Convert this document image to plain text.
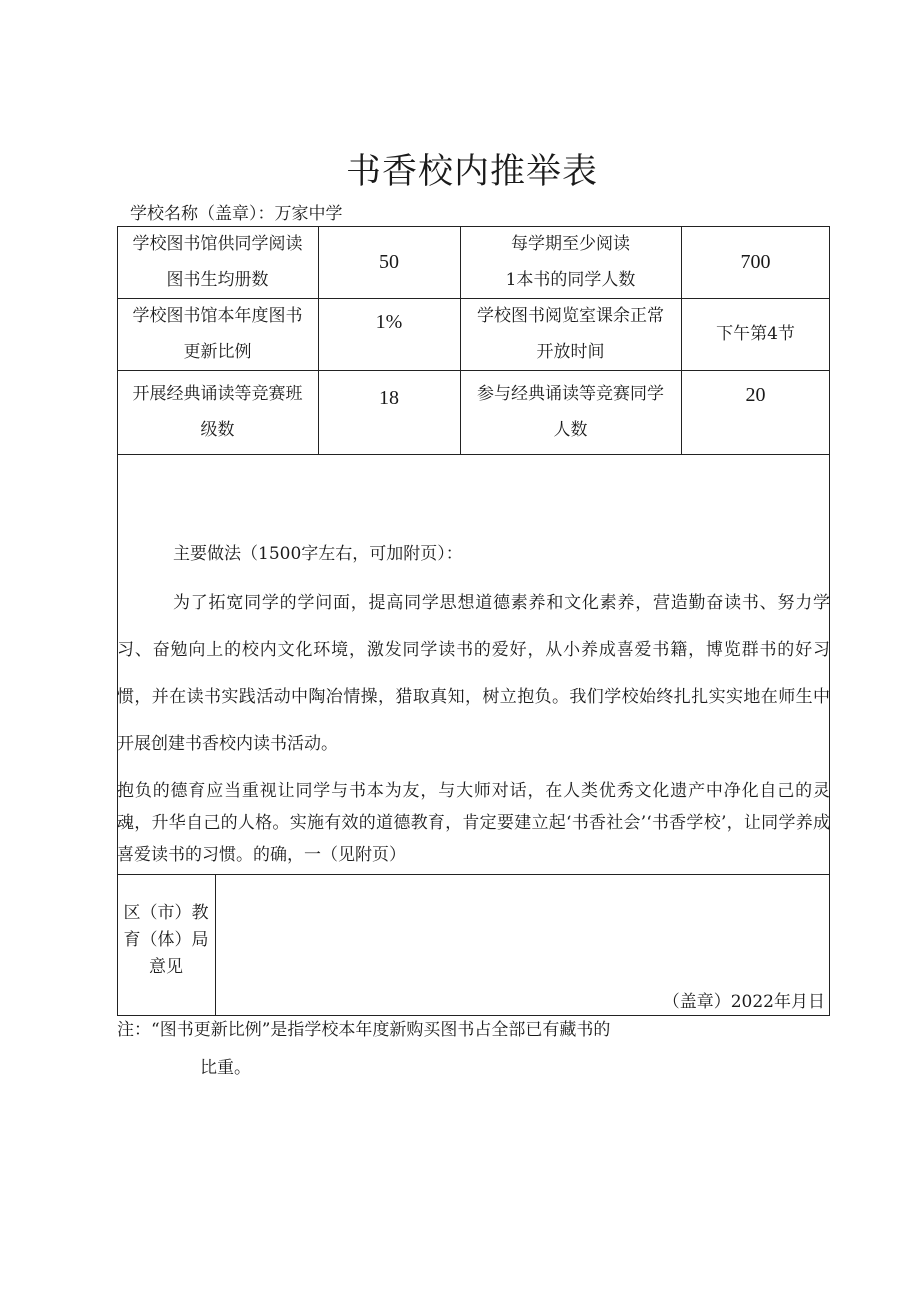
书香校内推举表
学校名称（盖章）：万家中学
学校图书馆供同学阅读
图书生均册数
50
每学期至少阅读
1本书的同学人数
700
学校图书馆本年度图书
更新比例
1%	学校图书阅览室课余正常
开放时间
下午第4节
开展经典诵读等竞赛班
级数
18	参与经典诵读等竞赛同学
人数
20
主要做法（1500字左右，可加附页）：
为了拓宽同学的学问面，提高同学思想道德素养和文化素养，营造勤奋读书、努力学习、奋勉向上的校内文化环境，激发同学读书的爱好，从小养成喜爱书籍，博览群书的好习惯，并在读书实践活动中陶冶情操，猎取真知，树立抱负。我们学校始终扎扎实实地在师生中开展创建书香校内读书活动。
抱负的德育应当重视让同学与书本为友，与大师对话，在人类优秀文化遗产中净化自己的灵魂，升华自己的人格。实施有效的道德教育，肯定要建立起‘书香社会’‘书香学校’，让同学养成喜爱读书的习惯。的确，一（见附页）
区（市）教
育（体）局
意见
（盖章）2022年月日
注：“图书更新比例”是指学校本年度新购买图书占全部已有藏书的
比重。
